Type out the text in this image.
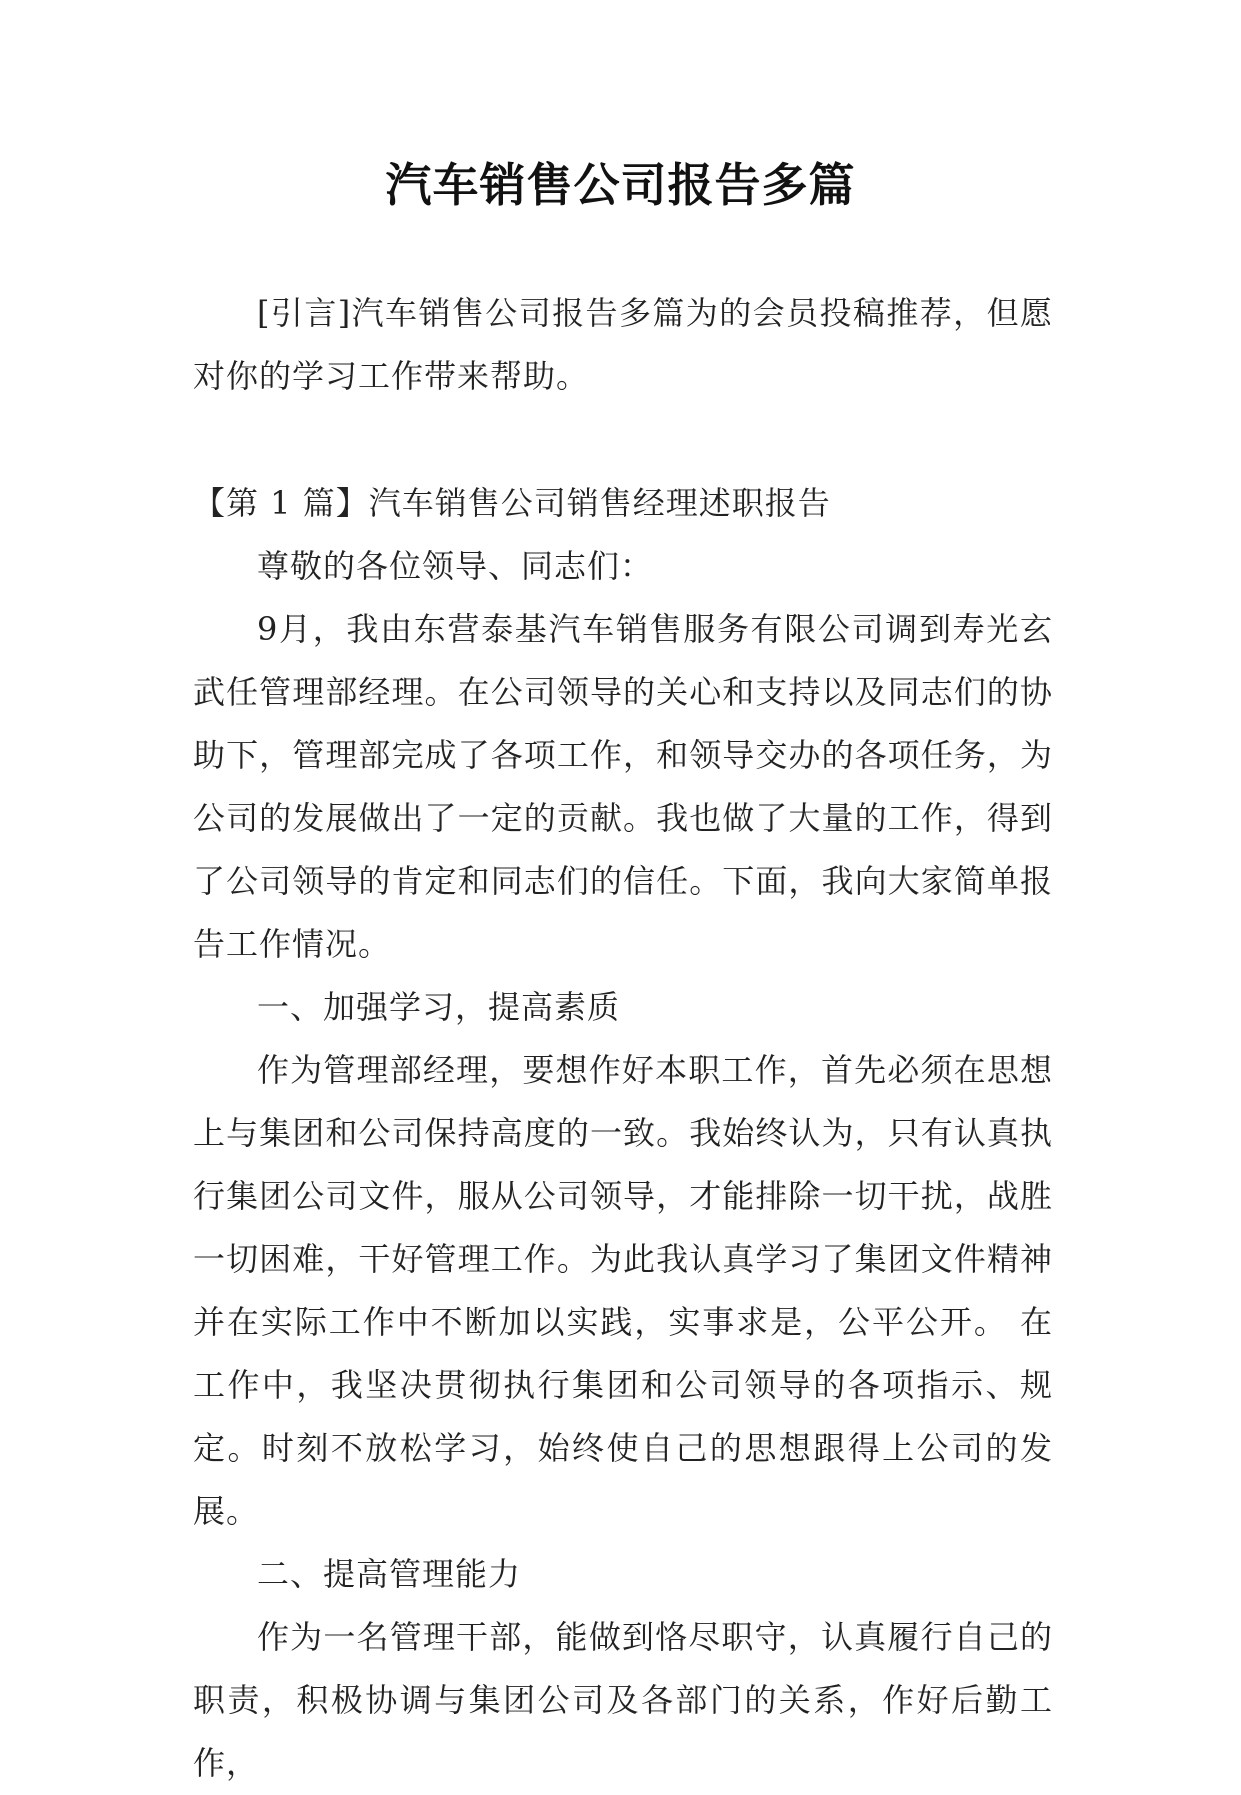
汽车销售公司报告多篇

[引言]汽车销售公司报告多篇为的会员投稿推荐，但愿对你的学习工作带来帮助。

【第 1 篇】汽车销售公司销售经理述职报告

尊敬的各位领导、同志们：

9月，我由东营泰基汽车销售服务有限公司调到寿光玄武任管理部经理。在公司领导的关心和支持以及同志们的协助下，管理部完成了各项工作，和领导交办的各项任务，为公司的发展做出了一定的贡献。我也做了大量的工作，得到了公司领导的肯定和同志们的信任。下面，我向大家简单报告工作情况。

一、加强学习，提高素质

作为管理部经理，要想作好本职工作，首先必须在思想上与集团和公司保持高度的一致。我始终认为，只有认真执行集团公司文件，服从公司领导，才能排除一切干扰，战胜一切困难，干好管理工作。为此我认真学习了集团文件精神并在实际工作中不断加以实践，实事求是，公平公开。 在工作中，我坚决贯彻执行集团和公司领导的各项指示、规定。时刻不放松学习，始终使自己的思想跟得上公司的发展。

二、提高管理能力

作为一名管理干部，能做到恪尽职守，认真履行自己的职责，积极协调与集团公司及各部门的关系，作好后勤工作，
